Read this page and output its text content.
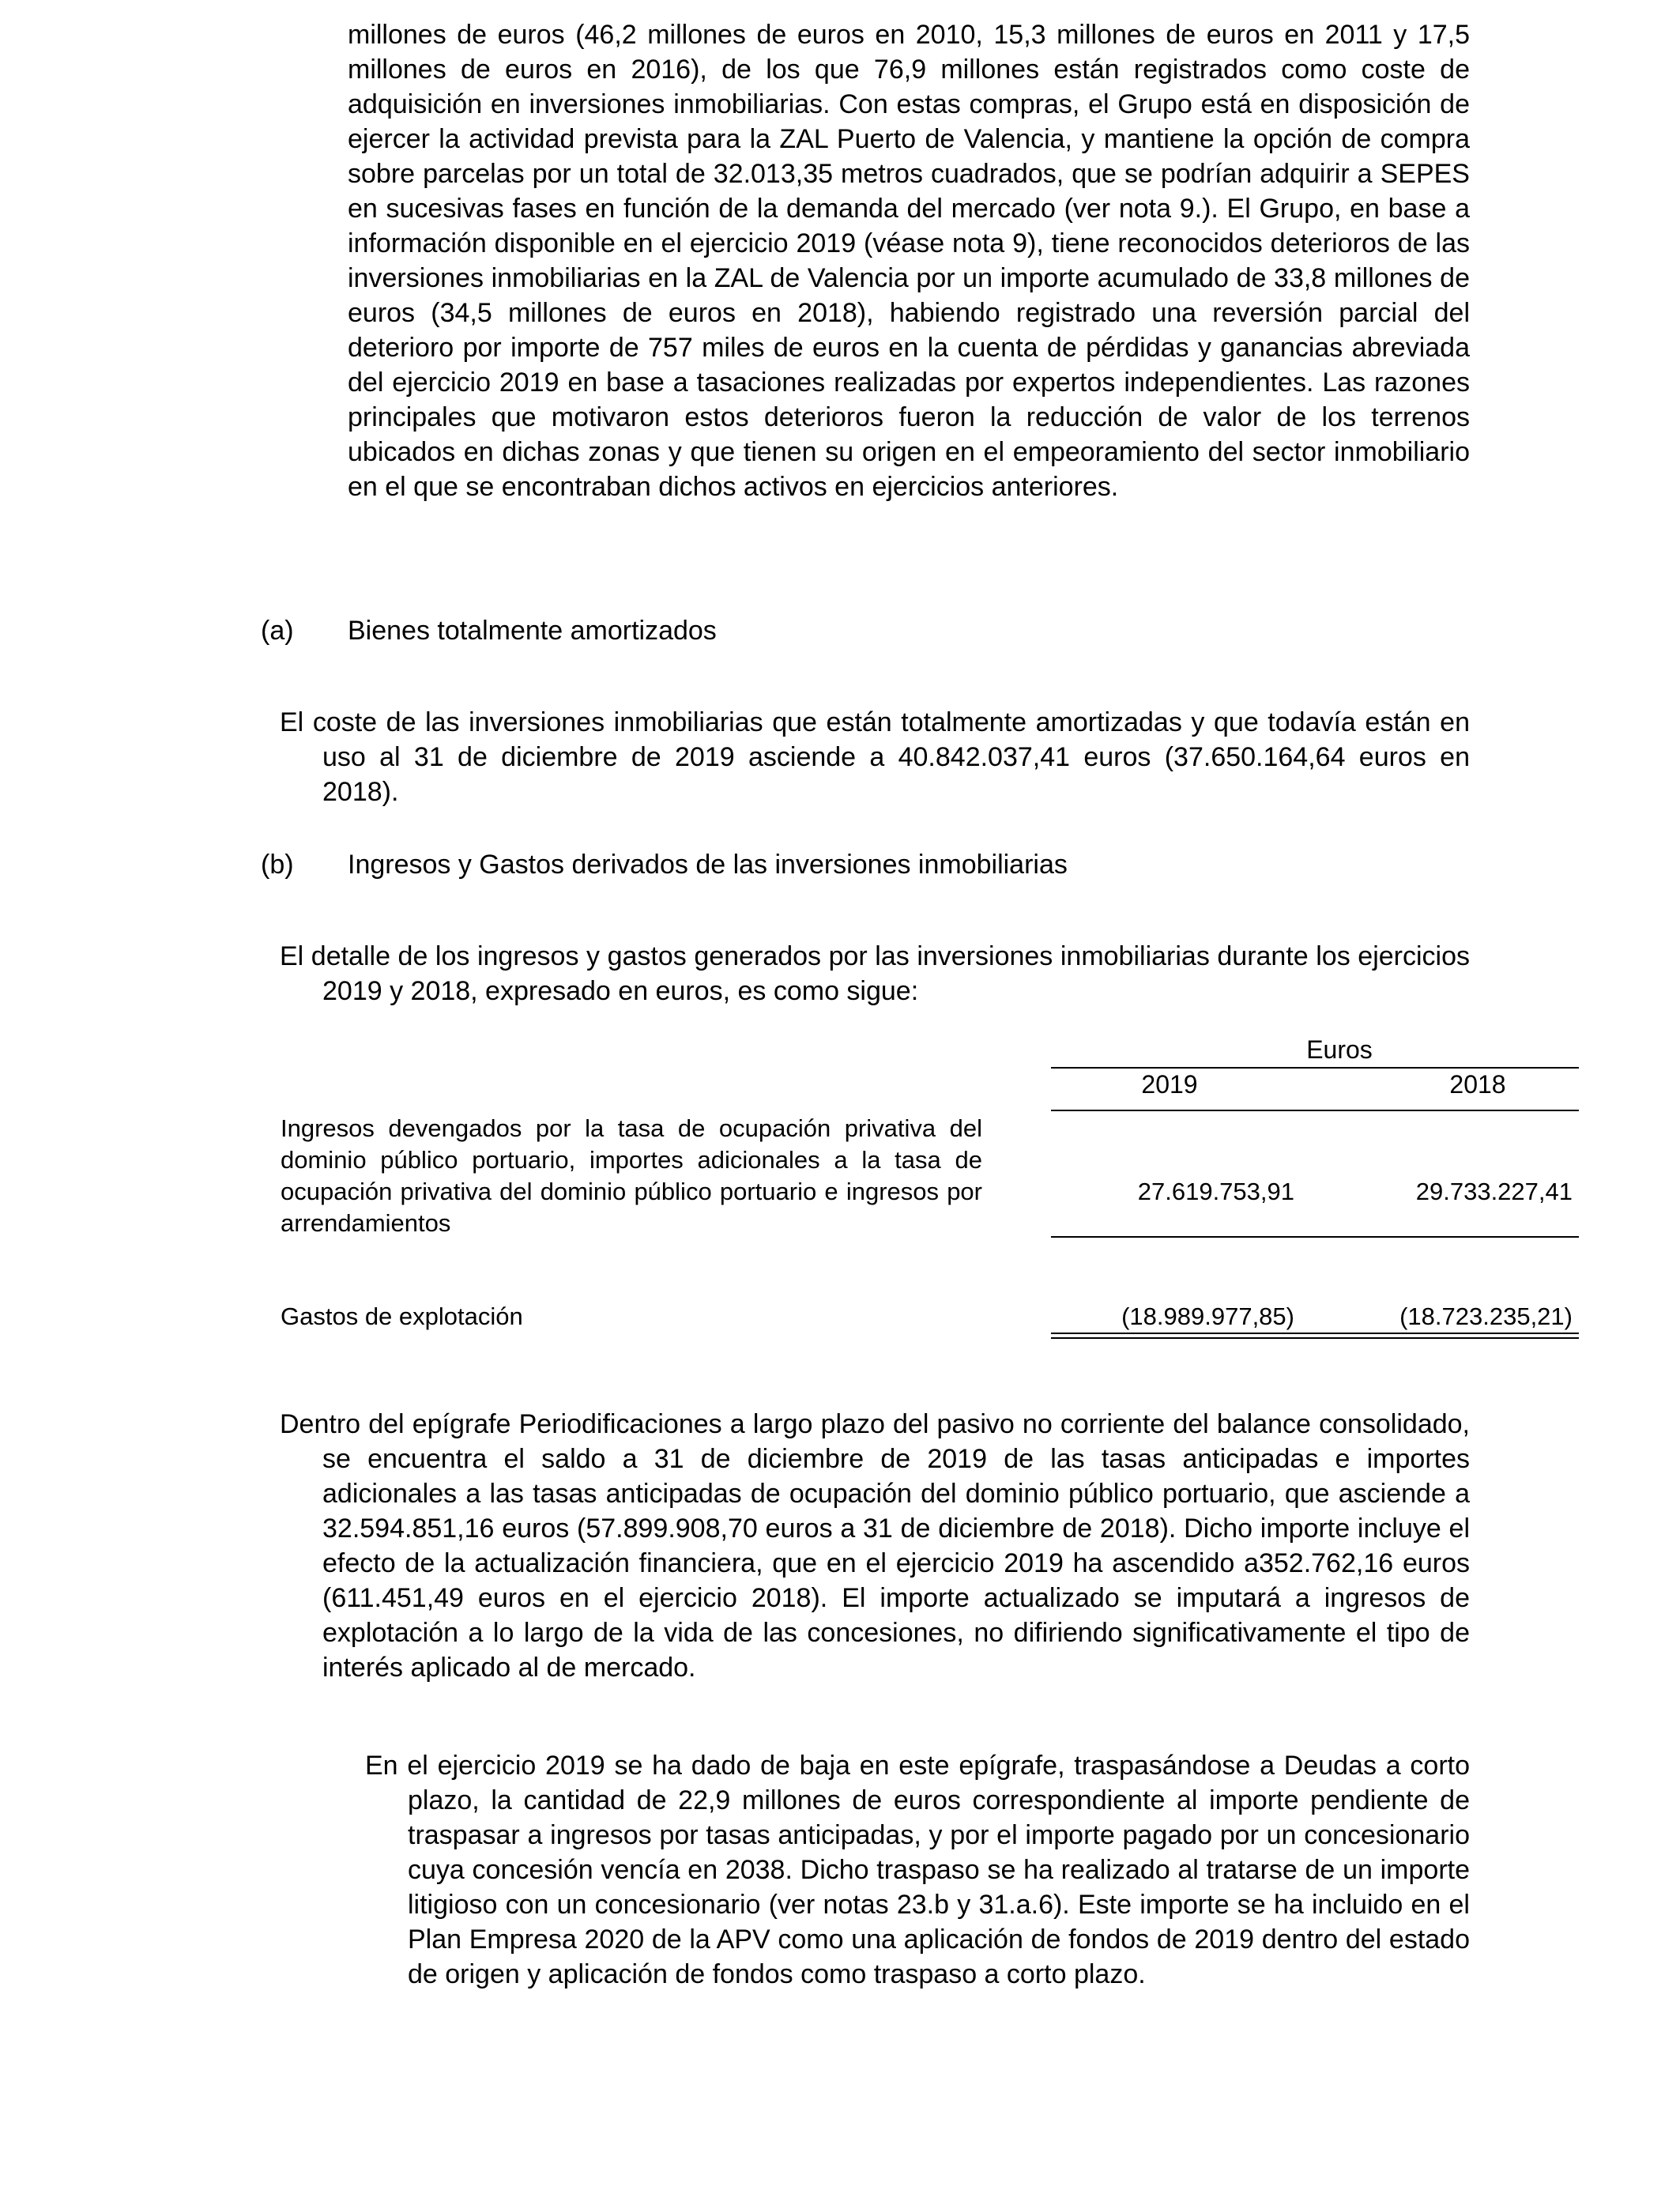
millones de euros (46,2 millones de euros en 2010, 15,3 millones de euros en 2011 y 17,5 millones de euros en 2016), de los que 76,9 millones están registrados como coste de adquisición en inversiones inmobiliarias. Con estas compras, el Grupo está en disposición de ejercer la actividad prevista para la ZAL Puerto de Valencia, y mantiene la opción de compra sobre parcelas por un total de 32.013,35 metros cuadrados, que se podrían adquirir a SEPES en sucesivas fases en función de la demanda del mercado (ver nota 9.). El Grupo, en base a información disponible en el ejercicio 2019 (véase nota 9), tiene reconocidos deterioros de las inversiones inmobiliarias en la ZAL de Valencia por un importe acumulado de 33,8 millones de euros (34,5 millones de euros en 2018), habiendo registrado una reversión parcial del deterioro por importe de 757 miles de euros en la cuenta de pérdidas y ganancias abreviada del ejercicio 2019 en base a tasaciones realizadas por expertos independientes. Las razones principales que motivaron estos deterioros fueron la reducción de valor de los terrenos ubicados en dichas zonas y que tienen su origen en el empeoramiento del sector inmobiliario en el que se encontraban dichos activos en ejercicios anteriores.

(a) Bienes totalmente amortizados

El coste de las inversiones inmobiliarias que están totalmente amortizadas y que todavía están en uso al 31 de diciembre de 2019 asciende a 40.842.037,41 euros (37.650.164,64 euros en 2018).

(b) Ingresos y Gastos derivados de las inversiones inmobiliarias

El detalle de los ingresos y gastos generados por las inversiones inmobiliarias durante los ejercicios 2019 y 2018, expresado en euros, es como sigue:

Euros
2019	2018
Ingresos devengados por la tasa de ocupación privativa del dominio público portuario, importes adicionales a la tasa de ocupación privativa del dominio público portuario e ingresos por arrendamientos
27.619.753,91	29.733.227,41
Gastos de explotación	(18.989.977,85)	(18.723.235,21)

Dentro del epígrafe Periodificaciones a largo plazo del pasivo no corriente del balance consolidado, se encuentra el saldo a 31 de diciembre de 2019 de las tasas anticipadas e importes adicionales a las tasas anticipadas de ocupación del dominio público portuario, que asciende a 32.594.851,16 euros (57.899.908,70 euros a 31 de diciembre de 2018). Dicho importe incluye el efecto de la actualización financiera, que en el ejercicio 2019 ha ascendido a352.762,16 euros (611.451,49 euros en el ejercicio 2018). El importe actualizado se imputará a ingresos de explotación a lo largo de la vida de las concesiones, no difiriendo significativamente el tipo de interés aplicado al de mercado.

En el ejercicio 2019 se ha dado de baja en este epígrafe, traspasándose a Deudas a corto plazo, la cantidad de 22,9 millones de euros correspondiente al importe pendiente de traspasar a ingresos por tasas anticipadas, y por el importe pagado por un concesionario cuya concesión vencía en 2038. Dicho traspaso se ha realizado al tratarse de un importe litigioso con un concesionario (ver notas 23.b y 31.a.6). Este importe se ha incluido en el Plan Empresa 2020 de la APV como una aplicación de fondos de 2019 dentro del estado de origen y aplicación de fondos como traspaso a corto plazo.
